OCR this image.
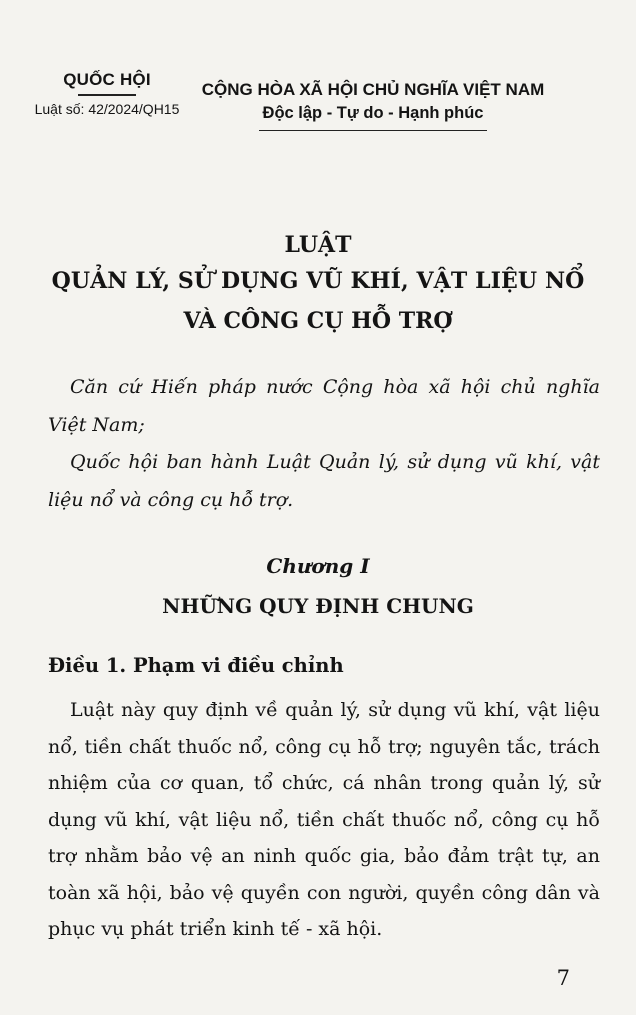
QUỐC HỘI
Luật số: 42/2024/QH15
CỘNG HÒA XÃ HỘI CHỦ NGHĨA VIỆT NAM
Độc lập - Tự do - Hạnh phúc
LUẬT
QUẢN LÝ, SỬ DỤNG VŨ KHÍ, VẬT LIỆU NỔ
VÀ CÔNG CỤ HỖ TRỢ
Căn cứ Hiến pháp nước Cộng hòa xã hội chủ nghĩa Việt Nam;
Quốc hội ban hành Luật Quản lý, sử dụng vũ khí, vật liệu nổ và công cụ hỗ trợ.
Chương I
NHỮNG QUY ĐỊNH CHUNG
Điều 1. Phạm vi điều chỉnh
Luật này quy định về quản lý, sử dụng vũ khí, vật liệu nổ, tiền chất thuốc nổ, công cụ hỗ trợ; nguyên tắc, trách nhiệm của cơ quan, tổ chức, cá nhân trong quản lý, sử dụng vũ khí, vật liệu nổ, tiền chất thuốc nổ, công cụ hỗ trợ nhằm bảo vệ an ninh quốc gia, bảo đảm trật tự, an toàn xã hội, bảo vệ quyền con người, quyền công dân và phục vụ phát triển kinh tế - xã hội.
7
